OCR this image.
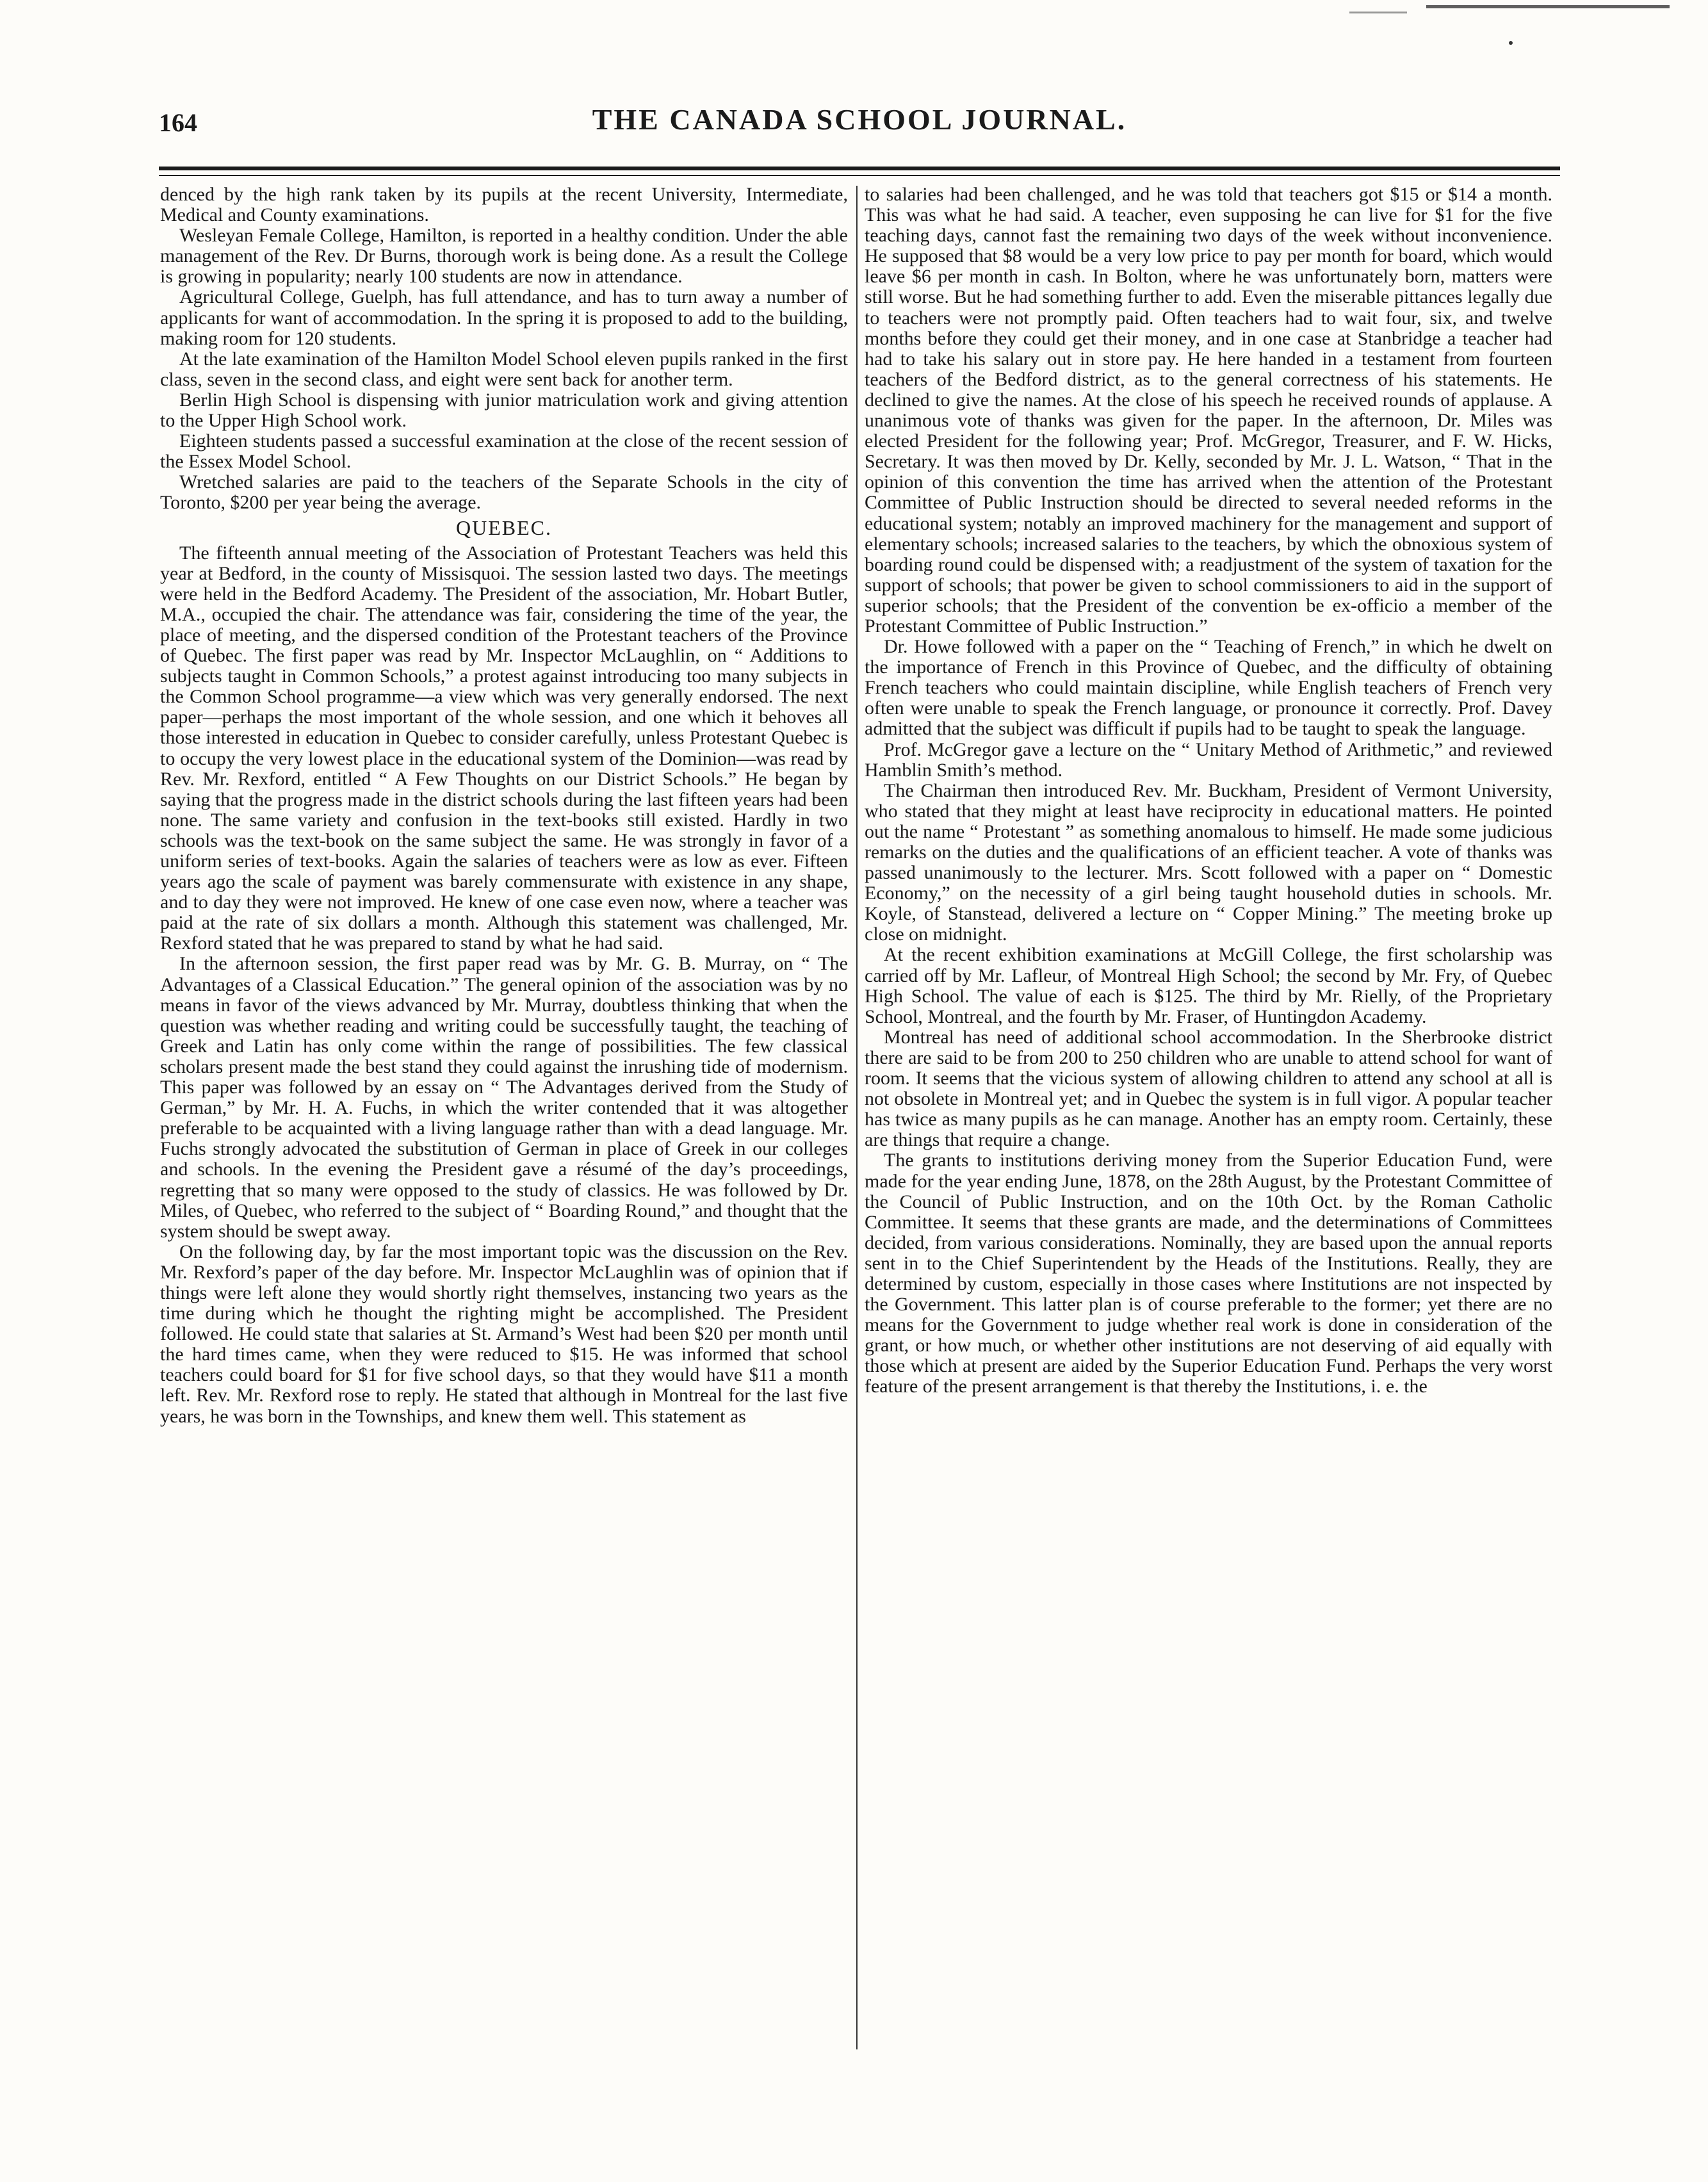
164	THE CANADA SCHOOL JOURNAL.

denced by the high rank taken by its pupils at the recent University, Intermediate, Medical and County examinations.

Wesleyan Female College, Hamilton, is reported in a healthy condition. Under the able management of the Rev. Dr Burns, thorough work is being done. As a result the College is growing in popularity; nearly 100 students are now in attendance.

Agricultural College, Guelph, has full attendance, and has to turn away a number of applicants for want of accommodation. In the spring it is proposed to add to the building, making room for 120 students.

At the late examination of the Hamilton Model School eleven pupils ranked in the first class, seven in the second class, and eight were sent back for another term.

Berlin High School is dispensing with junior matriculation work and giving attention to the Upper High School work.

Eighteen students passed a successful examination at the close of the recent session of the Essex Model School.

Wretched salaries are paid to the teachers of the Separate Schools in the city of Toronto, $200 per year being the average.

QUEBEC.

The fifteenth annual meeting of the Association of Protestant Teachers was held this year at Bedford, in the county of Missisquoi. The session lasted two days. The meetings were held in the Bedford Academy. The President of the association, Mr. Hobart Butler, M.A., occupied the chair. The attendance was fair, considering the time of the year, the place of meeting, and the dispersed condition of the Protestant teachers of the Province of Quebec. The first paper was read by Mr. Inspector McLaughlin, on “ Additions to subjects taught in Common Schools,” a protest against introducing too many subjects in the Common School programme—a view which was very generally endorsed. The next paper—perhaps the most important of the whole session, and one which it behoves all those interested in education in Quebec to consider carefully, unless Protestant Quebec is to occupy the very lowest place in the educational system of the Dominion—was read by Rev. Mr. Rexford, entitled “ A Few Thoughts on our District Schools.” He began by saying that the progress made in the district schools during the last fifteen years had been none. The same variety and confusion in the text-books still existed. Hardly in two schools was the text-book on the same subject the same. He was strongly in favor of a uniform series of text-books. Again the salaries of teachers were as low as ever. Fifteen years ago the scale of payment was barely commensurate with existence in any shape, and to day they were not improved. He knew of one case even now, where a teacher was paid at the rate of six dollars a month. Although this statement was challenged, Mr. Rexford stated that he was prepared to stand by what he had said.

In the afternoon session, the first paper read was by Mr. G. B. Murray, on “ The Advantages of a Classical Education.” The general opinion of the association was by no means in favor of the views advanced by Mr. Murray, doubtless thinking that when the question was whether reading and writing could be successfully taught, the teaching of Greek and Latin has only come within the range of possibilities. The few classical scholars present made the best stand they could against the inrushing tide of modernism. This paper was followed by an essay on “ The Advantages derived from the Study of German,” by Mr. H. A. Fuchs, in which the writer contended that it was altogether preferable to be acquainted with a living language rather than with a dead language. Mr. Fuchs strongly advocated the substitution of German in place of Greek in our colleges and schools. In the evening the President gave a résumé of the day’s proceedings, regretting that so many were opposed to the study of classics. He was followed by Dr. Miles, of Quebec, who referred to the subject of “ Boarding Round,” and thought that the system should be swept away.

On the following day, by far the most important topic was the discussion on the Rev. Mr. Rexford’s paper of the day before. Mr. Inspector McLaughlin was of opinion that if things were left alone they would shortly right themselves, instancing two years as the time during which he thought the righting might be accomplished. The President followed. He could state that salaries at St. Armand’s West had been $20 per month until the hard times came, when they were reduced to $15. He was informed that school teachers could board for $1 for five school days, so that they would have $11 a month left. Rev. Mr. Rexford rose to reply. He stated that although in Montreal for the last five years, he was born in the Townships, and knew them well. This statement as

to salaries had been challenged, and he was told that teachers got $15 or $14 a month. This was what he had said. A teacher, even supposing he can live for $1 for the five teaching days, cannot fast the remaining two days of the week without inconvenience. He supposed that $8 would be a very low price to pay per month for board, which would leave $6 per month in cash. In Bolton, where he was unfortunately born, matters were still worse. But he had something further to add. Even the miserable pittances legally due to teachers were not promptly paid. Often teachers had to wait four, six, and twelve months before they could get their money, and in one case at Stanbridge a teacher had had to take his salary out in store pay. He here handed in a testament from fourteen teachers of the Bedford district, as to the general correctness of his statements. He declined to give the names. At the close of his speech he received rounds of applause. A unanimous vote of thanks was given for the paper. In the afternoon, Dr. Miles was elected President for the following year; Prof. McGregor, Treasurer, and F. W. Hicks, Secretary. It was then moved by Dr. Kelly, seconded by Mr. J. L. Watson, “ That in the opinion of this convention the time has arrived when the attention of the Protestant Committee of Public Instruction should be directed to several needed reforms in the educational system; notably an improved machinery for the management and support of elementary schools; increased salaries to the teachers, by which the obnoxious system of boarding round could be dispensed with; a readjustment of the system of taxation for the support of schools; that power be given to school commissioners to aid in the support of superior schools; that the President of the convention be ex-officio a member of the Protestant Committee of Public Instruction.”

Dr. Howe followed with a paper on the “ Teaching of French,” in which he dwelt on the importance of French in this Province of Quebec, and the difficulty of obtaining French teachers who could maintain discipline, while English teachers of French very often were unable to speak the French language, or pronounce it correctly. Prof. Davey admitted that the subject was difficult if pupils had to be taught to speak the language.

Prof. McGregor gave a lecture on the “ Unitary Method of Arithmetic,” and reviewed Hamblin Smith’s method.

The Chairman then introduced Rev. Mr. Buckham, President of Vermont University, who stated that they might at least have reciprocity in educational matters. He pointed out the name “ Protestant ” as something anomalous to himself. He made some judicious remarks on the duties and the qualifications of an efficient teacher. A vote of thanks was passed unanimously to the lecturer. Mrs. Scott followed with a paper on “ Domestic Economy,” on the necessity of a girl being taught household duties in schools. Mr. Koyle, of Stanstead, delivered a lecture on “ Copper Mining.” The meeting broke up close on midnight.

At the recent exhibition examinations at McGill College, the first scholarship was carried off by Mr. Lafleur, of Montreal High School; the second by Mr. Fry, of Quebec High School. The value of each is $125. The third by Mr. Rielly, of the Proprietary School, Montreal, and the fourth by Mr. Fraser, of Huntingdon Academy.

Montreal has need of additional school accommodation. In the Sherbrooke district there are said to be from 200 to 250 children who are unable to attend school for want of room. It seems that the vicious system of allowing children to attend any school at all is not obsolete in Montreal yet; and in Quebec the system is in full vigor. A popular teacher has twice as many pupils as he can manage. Another has an empty room. Certainly, these are things that require a change.

The grants to institutions deriving money from the Superior Education Fund, were made for the year ending June, 1878, on the 28th August, by the Protestant Committee of the Council of Public Instruction, and on the 10th Oct. by the Roman Catholic Committee. It seems that these grants are made, and the determinations of Committees decided, from various considerations. Nominally, they are based upon the annual reports sent in to the Chief Superintendent by the Heads of the Institutions. Really, they are determined by custom, especially in those cases where Institutions are not inspected by the Government. This latter plan is of course preferable to the former; yet there are no means for the Government to judge whether real work is done in consideration of the grant, or how much, or whether other institutions are not deserving of aid equally with those which at present are aided by the Superior Education Fund. Perhaps the very worst feature of the present arrangement is that thereby the Institutions, i. e. the
